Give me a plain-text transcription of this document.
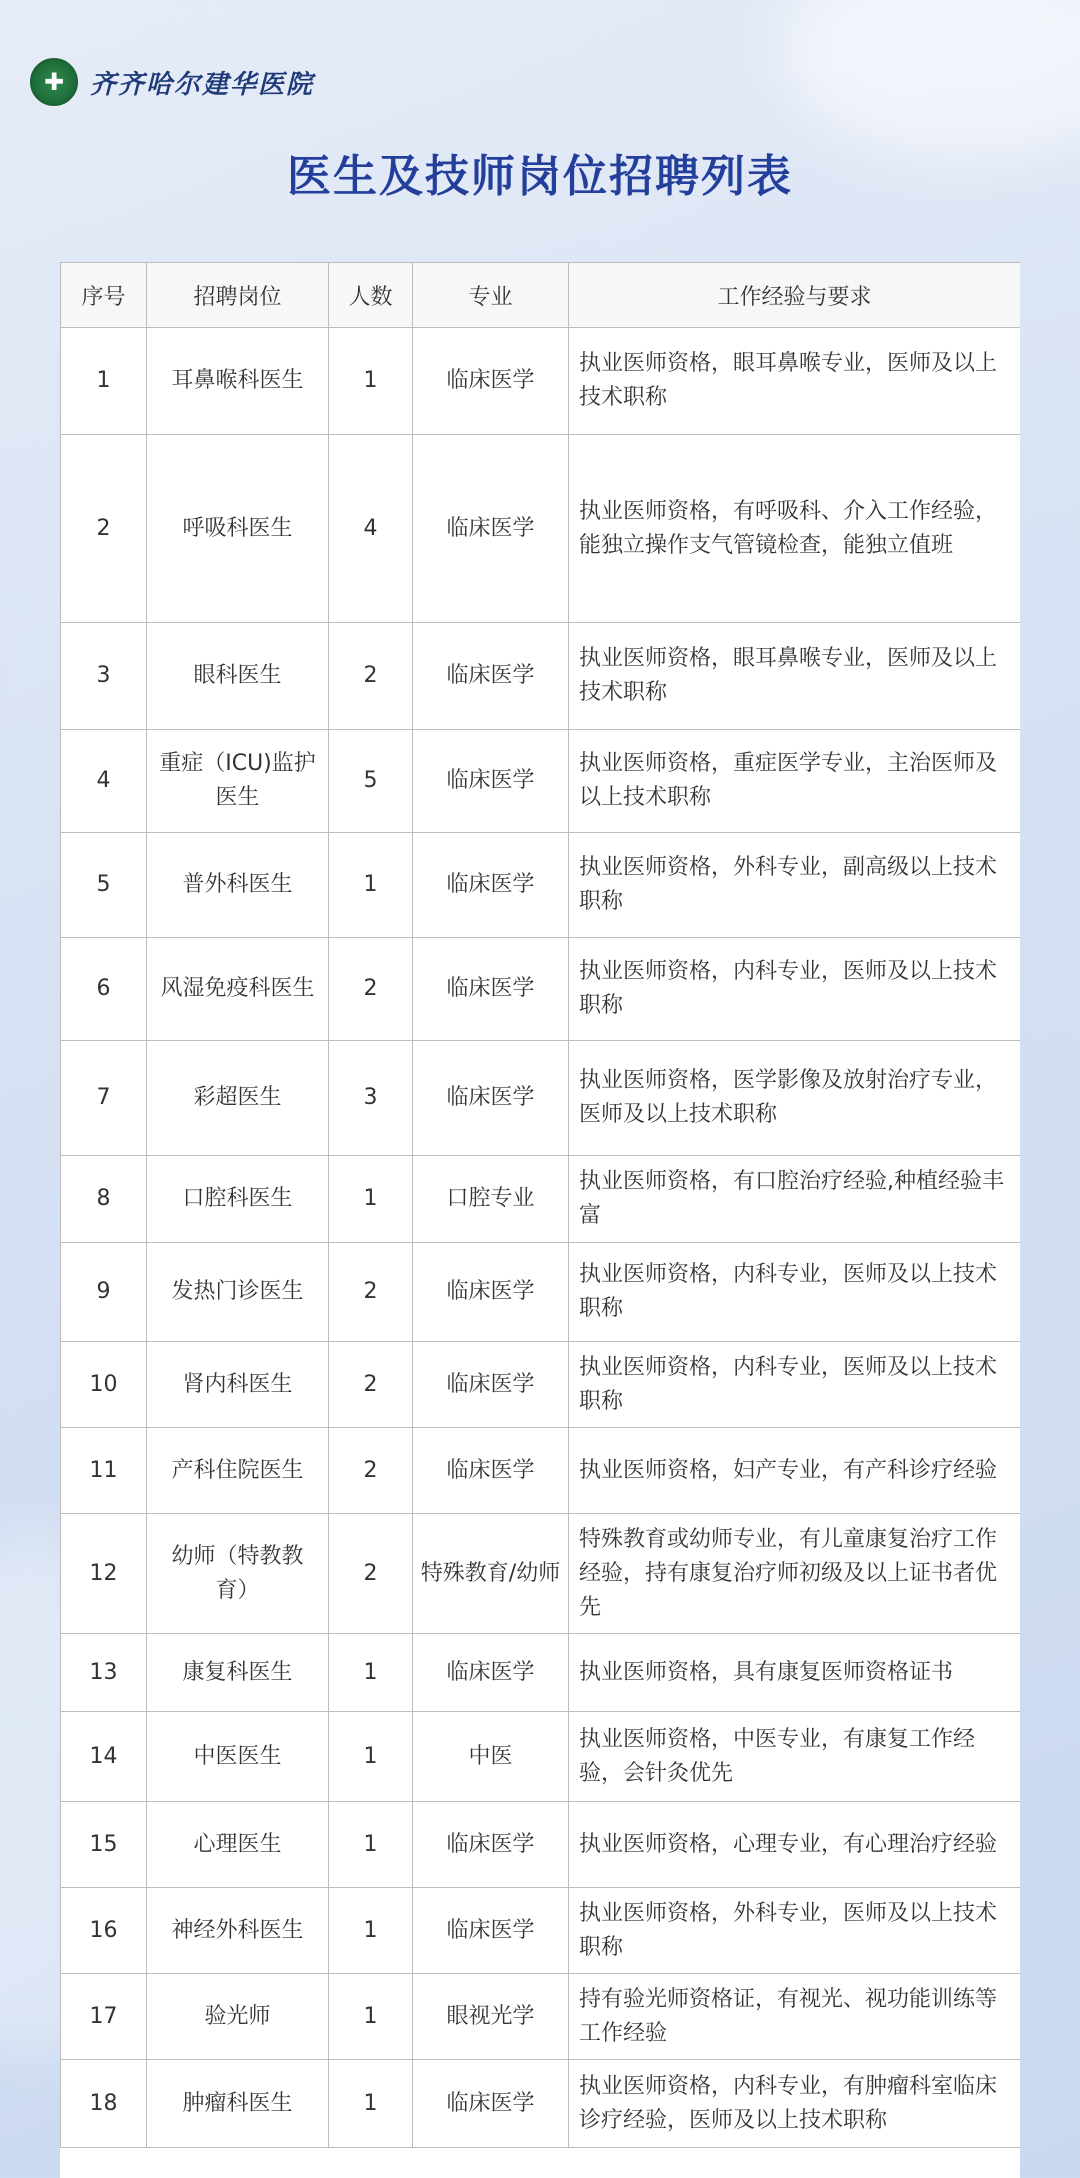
✚ 齐齐哈尔建华医院
医生及技师岗位招聘列表
序号	招聘岗位	人数	专业	工作经验与要求
1	耳鼻喉科医生	1	临床医学	执业医师资格，眼耳鼻喉专业，医师及以上技术职称
2	呼吸科医生	4	临床医学	执业医师资格，有呼吸科、介入工作经验，能独立操作支气管镜检查，能独立值班
3	眼科医生	2	临床医学	执业医师资格，眼耳鼻喉专业，医师及以上技术职称
4	重症（ICU)监护医生	5	临床医学	执业医师资格，重症医学专业，主治医师及以上技术职称
5	普外科医生	1	临床医学	执业医师资格，外科专业，副高级以上技术职称
6	风湿免疫科医生	2	临床医学	执业医师资格，内科专业，医师及以上技术职称
7	彩超医生	3	临床医学	执业医师资格，医学影像及放射治疗专业，医师及以上技术职称
8	口腔科医生	1	口腔专业	执业医师资格，有口腔治疗经验,种植经验丰富
9	发热门诊医生	2	临床医学	执业医师资格，内科专业，医师及以上技术职称
10	肾内科医生	2	临床医学	执业医师资格，内科专业，医师及以上技术职称
11	产科住院医生	2	临床医学	执业医师资格，妇产专业，有产科诊疗经验
12	幼师（特教教育）	2	特殊教育/幼师	特殊教育或幼师专业，有儿童康复治疗工作经验，持有康复治疗师初级及以上证书者优先
13	康复科医生	1	临床医学	执业医师资格，具有康复医师资格证书
14	中医医生	1	中医	执业医师资格，中医专业，有康复工作经验，会针灸优先
15	心理医生	1	临床医学	执业医师资格，心理专业，有心理治疗经验
16	神经外科医生	1	临床医学	执业医师资格，外科专业，医师及以上技术职称
17	验光师	1	眼视光学	持有验光师资格证，有视光、视功能训练等工作经验
18	肿瘤科医生	1	临床医学	执业医师资格，内科专业，有肿瘤科室临床诊疗经验，医师及以上技术职称
